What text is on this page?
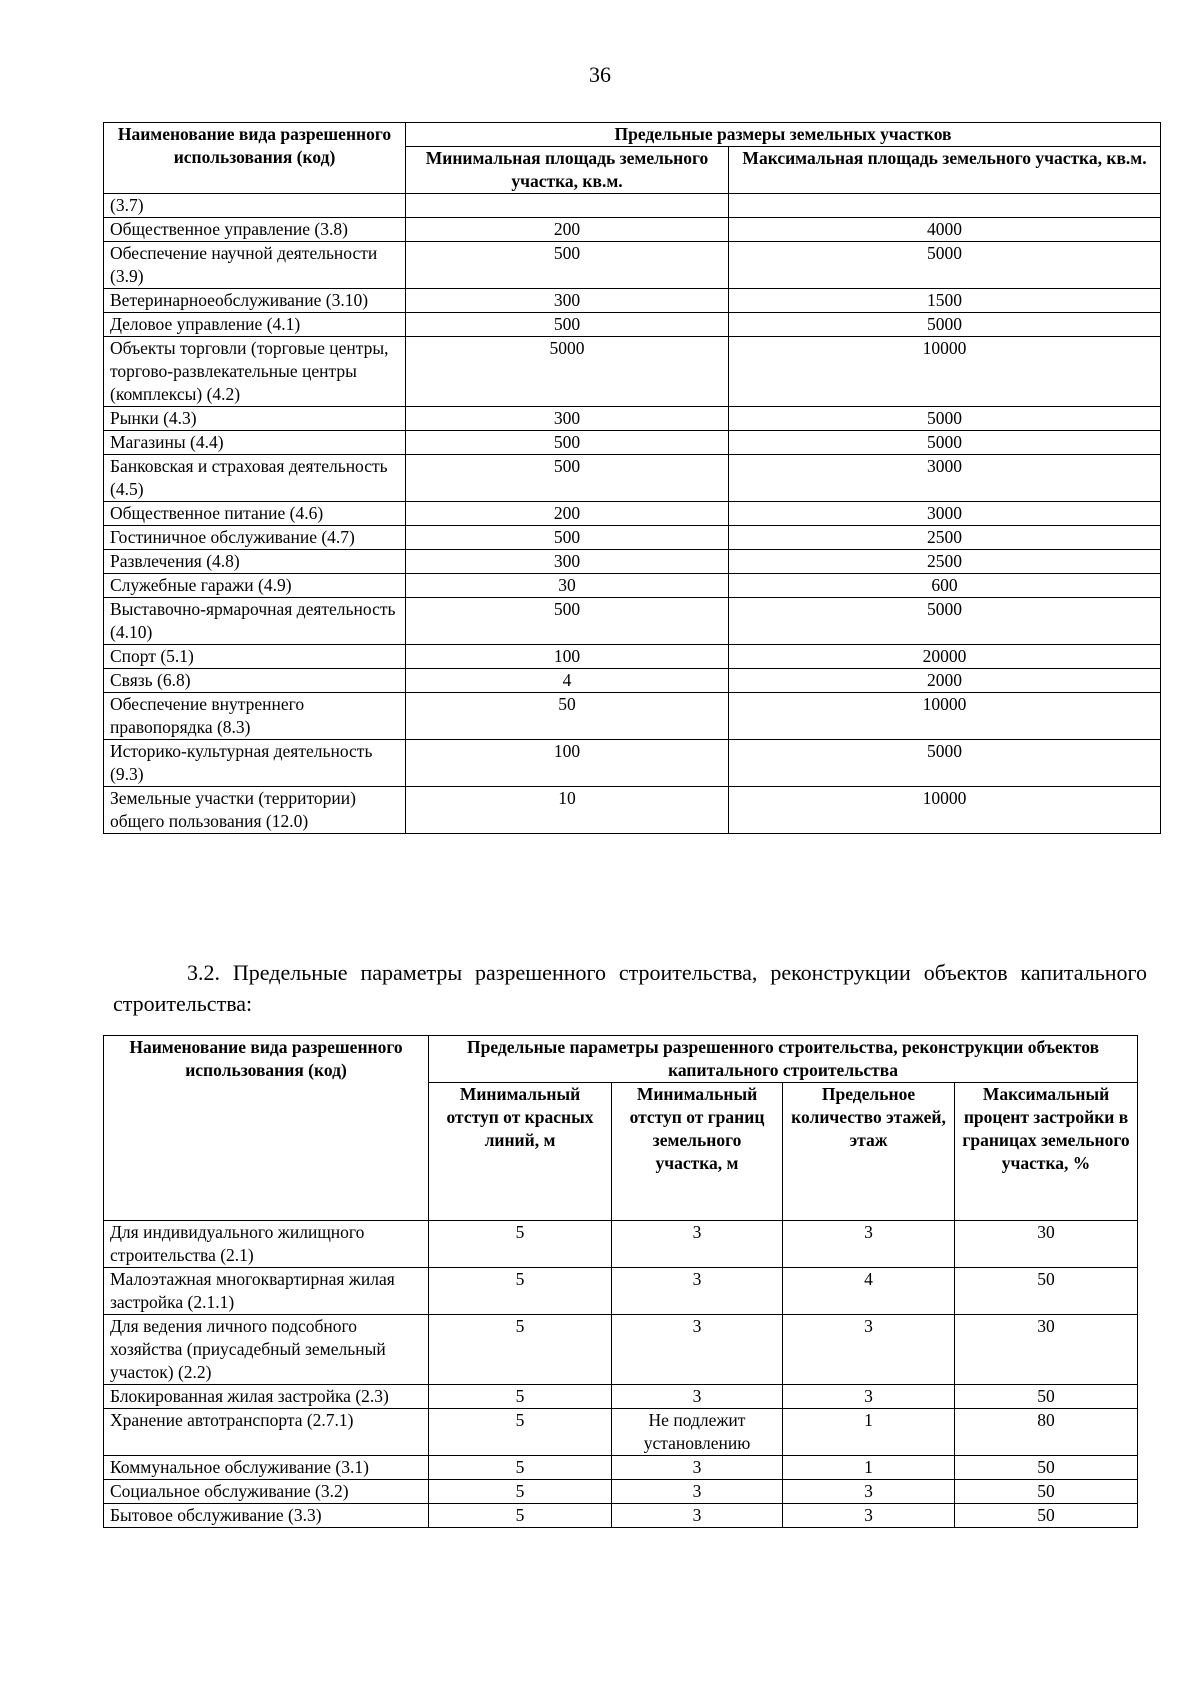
36
Наименование вида разрешенного использования (код)	Предельные размеры земельных участков	
	Минимальная площадь земельного участка, кв.м.	Максимальная площадь земельного участка, кв.м.
(3.7)		
Общественное управление (3.8)	200	4000
Обеспечение научной деятельности (3.9)	500	5000
Ветеринарноеобслуживание (3.10)	300	1500
Деловое управление (4.1)	500	5000
Объекты торговли (торговые центры, торгово-развлекательные центры (комплексы) (4.2)	5000	10000
Рынки (4.3)	300	5000
Магазины (4.4)	500	5000
Банковская и страховая деятельность (4.5)	500	3000
Общественное питание (4.6)	200	3000
Гостиничное обслуживание (4.7)	500	2500
Развлечения (4.8)	300	2500
Служебные гаражи (4.9)	30	600
Выставочно-ярмарочная деятельность (4.10)	500	5000
Спорт (5.1)	100	20000
Связь (6.8)	4	2000
Обеспечение внутреннего правопорядка (8.3)	50	10000
Историко-культурная деятельность (9.3)	100	5000
Земельные участки (территории) общего пользования (12.0)	10	10000
3.2. Предельные параметры разрешенного строительства, реконструкции объектов капитального строительства:
Наименование вида разрешенного использования (код)	Предельные параметры разрешенного строительства, реконструкции объектов капитального строительства			
	Минимальный отступ от красных линий, м	Минимальный отступ от границ земельного участка, м	Предельное количество этажей, этаж	Максимальный процент застройки в границах земельного участка, %
Для индивидуального жилищного строительства (2.1)	5	3	3	30
Малоэтажная многоквартирная жилая застройка (2.1.1)	5	3	4	50
Для ведения личного подсобного хозяйства (приусадебный земельный участок) (2.2)	5	3	3	30
Блокированная жилая застройка (2.3)	5	3	3	50
Хранение автотранспорта (2.7.1)	5	Не подлежит установлению	1	80
Коммунальное обслуживание (3.1)	5	3	1	50
Социальное обслуживание (3.2)	5	3	3	50
Бытовое обслуживание (3.3)	5	3	3	50
